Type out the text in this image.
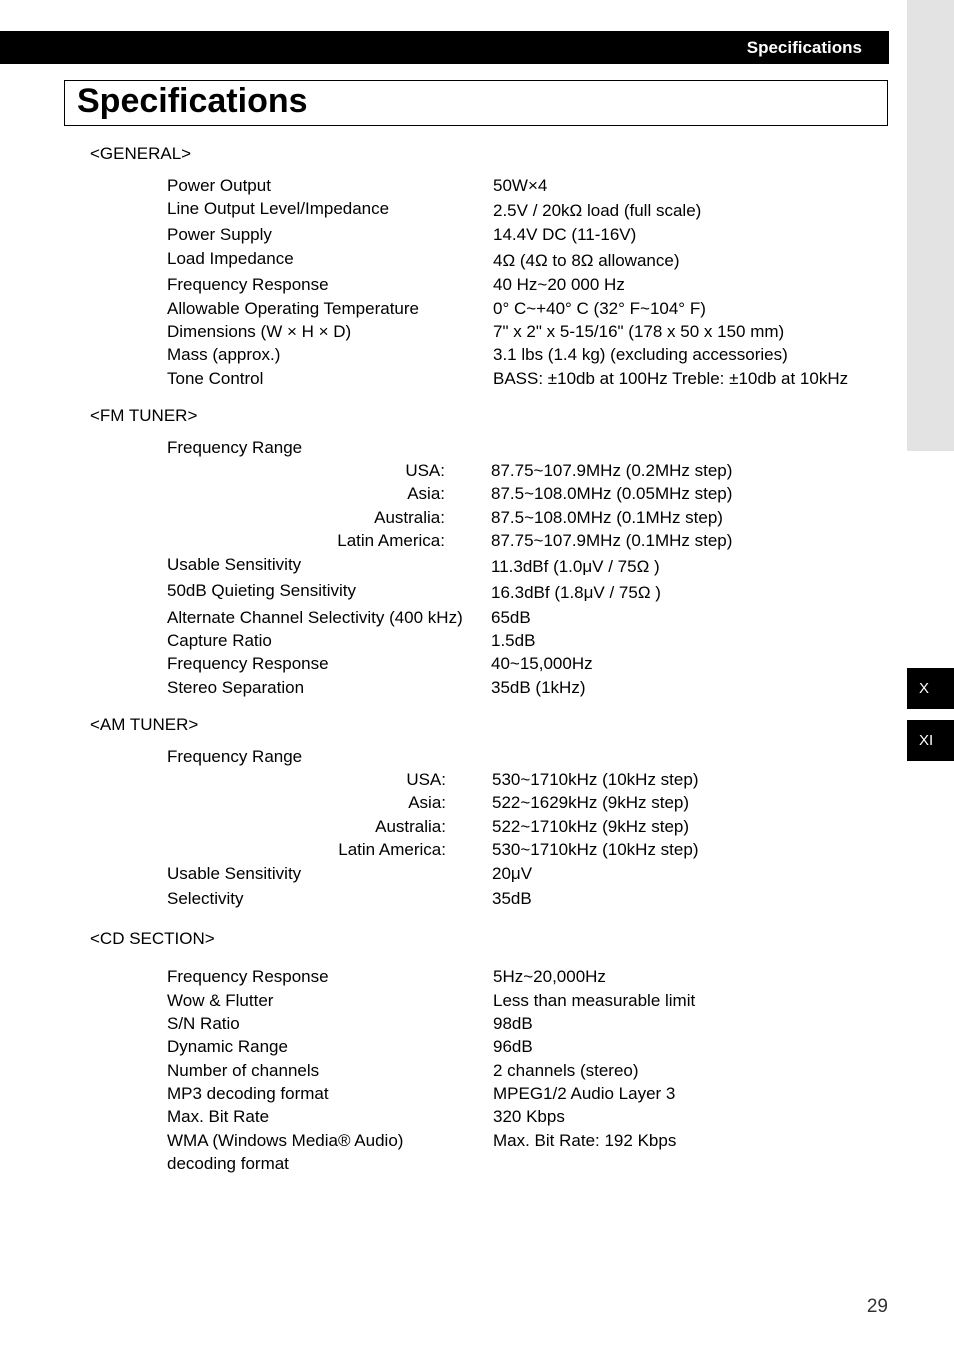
Specifications
X
XI
Specifications
<GENERAL>
Power Output	50W×4
Line Output Level/Impedance	2.5V / 20kΩ load (full scale)
Power Supply	14.4V DC (11-16V)
Load Impedance	4Ω (4Ω to 8Ω allowance)
Frequency Response	40 Hz~20 000 Hz
Allowable Operating Temperature	0° C~+40° C (32° F~104° F)
Dimensions (W × H × D)	7" x 2" x 5-15/16" (178 x 50 x 150 mm)
Mass (approx.)	3.1 lbs (1.4 kg) (excluding accessories)
Tone Control	BASS: ±10db at 100Hz Treble: ±10db at 10kHz
<FM TUNER>
Frequency Range
USA:	87.75~107.9MHz (0.2MHz step)
Asia:	87.5~108.0MHz (0.05MHz step)
Australia:	87.5~108.0MHz (0.1MHz step)
Latin America:	87.75~107.9MHz (0.1MHz step)
Usable Sensitivity	11.3dBf (1.0μV / 75Ω )
50dB Quieting Sensitivity	16.3dBf (1.8μV / 75Ω )
Alternate Channel Selectivity (400 kHz) 65dB
Capture Ratio	1.5dB
Frequency Response	40~15,000Hz
Stereo Separation	35dB (1kHz)
<AM TUNER>
Frequency Range
USA:	530~1710kHz (10kHz step)
Asia:	522~1629kHz (9kHz step)
Australia:	522~1710kHz (9kHz step)
Latin America:	530~1710kHz (10kHz step)
Usable Sensitivity	20μV
Selectivity	35dB
<CD SECTION>
Frequency Response	5Hz~20,000Hz
Wow & Flutter	Less than measurable limit
S/N Ratio	98dB
Dynamic Range	96dB
Number of channels	2 channels (stereo)
MP3 decoding format	MPEG1/2 Audio Layer 3
Max. Bit Rate	320 Kbps
WMA (Windows Media® Audio)	Max. Bit Rate: 192 Kbps
decoding format
29
